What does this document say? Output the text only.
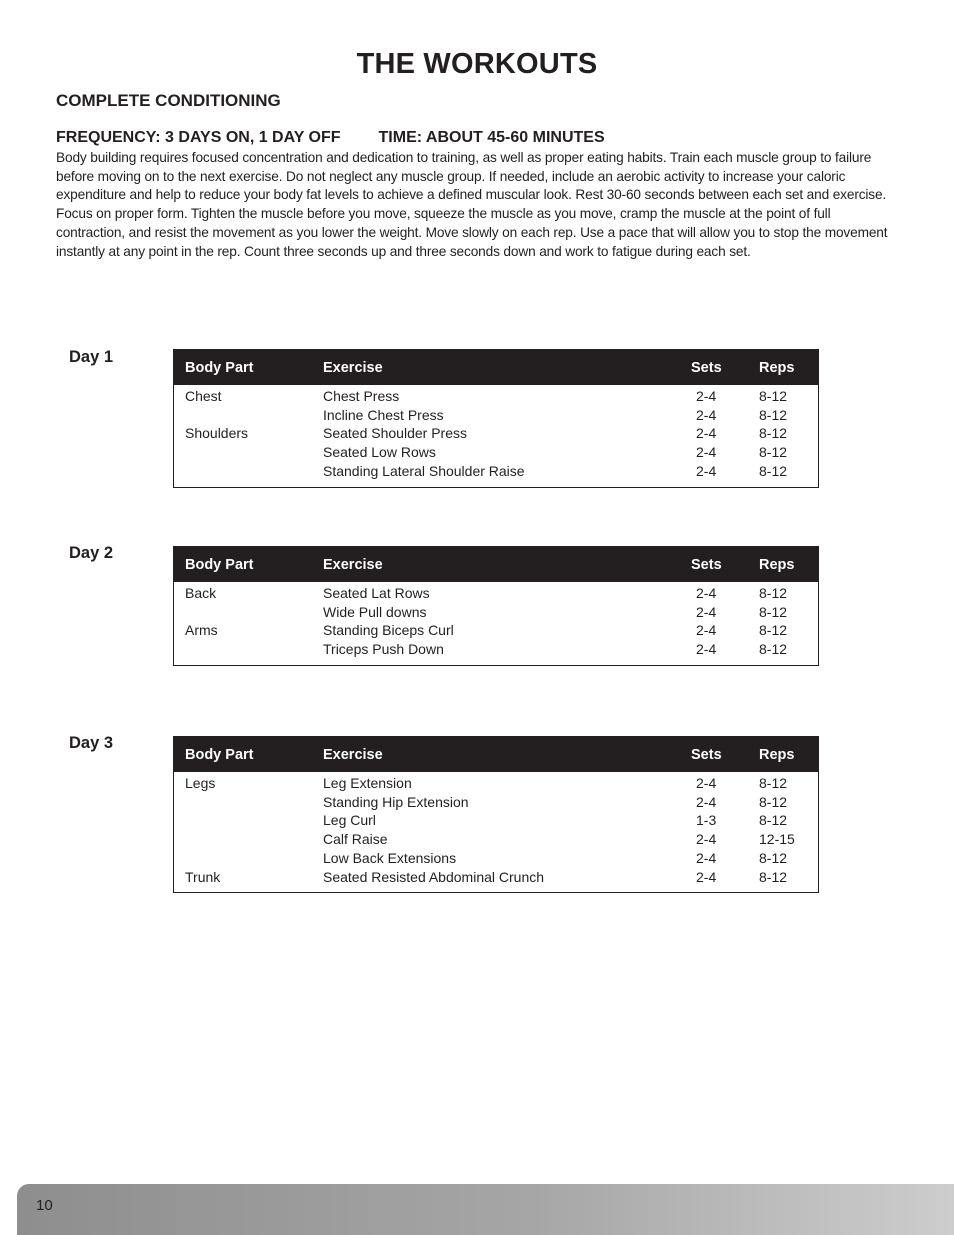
THE WORKOUTS
COMPLETE CONDITIONING

FREQUENCY: 3 DAYS ON, 1 DAY OFF TIME: ABOUT 45-60 MINUTES

Body building requires focused concentration and dedication to training, as well as proper eating habits. Train each muscle group to failure before moving on to the next exercise. Do not neglect any muscle group. If needed, include an aerobic activity to increase your caloric expenditure and help to reduce your body fat levels to achieve a defined muscular look. Rest 30-60 seconds between each set and exercise. Focus on proper form. Tighten the muscle before you move, squeeze the muscle as you move, cramp the muscle at the point of full contraction, and resist the movement as you lower the weight. Move slowly on each rep. Use a pace that will allow you to stop the movement instantly at any point in the rep. Count three seconds up and three seconds down and work to fatigue during each set.

Day 1
Body Part	Exercise	Sets	Reps
Chest	Chest Press	2-4	8-12
	Incline Chest Press	2-4	8-12
Shoulders	Seated Shoulder Press	2-4	8-12
	Seated Low Rows	2-4	8-12
	Standing Lateral Shoulder Raise	2-4	8-12
Day 2
Body Part	Exercise	Sets	Reps
Back	Seated Lat Rows	2-4	8-12
	Wide Pull downs	2-4	8-12
Arms	Standing Biceps Curl	2-4	8-12
	Triceps Push Down	2-4	8-12
Day 3
Body Part	Exercise	Sets	Reps
Legs	Leg Extension	2-4	8-12
	Standing Hip Extension	2-4	8-12
	Leg Curl	1-3	8-12
	Calf Raise	2-4	12-15
	Low Back Extensions	2-4	8-12
Trunk	Seated Resisted Abdominal Crunch	2-4	8-12
10
